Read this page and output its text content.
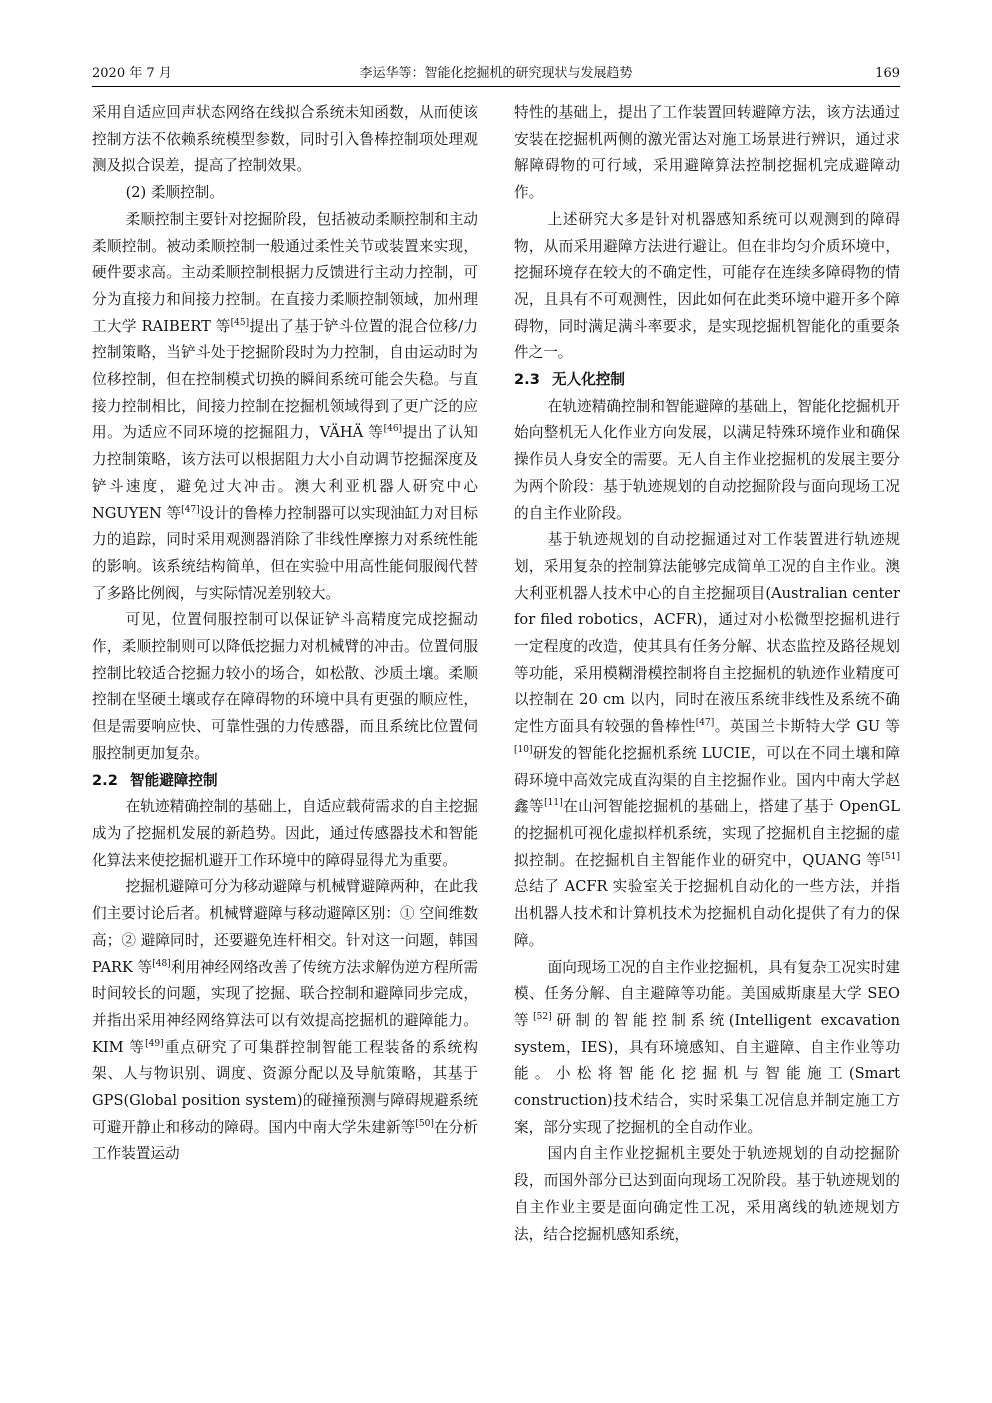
2020 年 7 月	李运华等：智能化挖掘机的研究现状与发展趋势	169

采用自适应回声状态网络在线拟合系统未知函数，从而使该控制方法不依赖系统模型参数，同时引入鲁棒控制项处理观测及拟合误差，提高了控制效果。

(2) 柔顺控制。

柔顺控制主要针对挖掘阶段，包括被动柔顺控制和主动柔顺控制。被动柔顺控制一般通过柔性关节或装置来实现，硬件要求高。主动柔顺控制根据力反馈进行主动力控制，可分为直接力和间接力控制。在直接力柔顺控制领域，加州理工大学 RAIBERT 等[45]提出了基于铲斗位置的混合位移/力控制策略，当铲斗处于挖掘阶段时为力控制，自由运动时为位移控制，但在控制模式切换的瞬间系统可能会失稳。与直接力控制相比，间接力控制在挖掘机领域得到了更广泛的应用。为适应不同环境的挖掘阻力，VÄHÄ 等[46]提出了认知力控制策略，该方法可以根据阻力大小自动调节挖掘深度及铲斗速度，避免过大冲击。澳大利亚机器人研究中心 NGUYEN 等[47]设计的鲁棒力控制器可以实现油缸力对目标力的追踪，同时采用观测器消除了非线性摩擦力对系统性能的影响。该系统结构简单，但在实验中用高性能伺服阀代替了多路比例阀，与实际情况差别较大。

可见，位置伺服控制可以保证铲斗高精度完成挖掘动作，柔顺控制则可以降低挖掘力对机械臂的冲击。位置伺服控制比较适合挖掘力较小的场合，如松散、沙质土壤。柔顺控制在坚硬土壤或存在障碍物的环境中具有更强的顺应性，但是需要响应快、可靠性强的力传感器，而且系统比位置伺服控制更加复杂。

2.2 智能避障控制

在轨迹精确控制的基础上，自适应载荷需求的自主挖掘成为了挖掘机发展的新趋势。因此，通过传感器技术和智能化算法来使挖掘机避开工作环境中的障碍显得尤为重要。

挖掘机避障可分为移动避障与机械臂避障两种，在此我们主要讨论后者。机械臂避障与移动避障区别：① 空间维数高；② 避障同时，还要避免连杆相交。针对这一问题，韩国 PARK 等[48]利用神经网络改善了传统方法求解伪逆方程所需时间较长的问题，实现了挖掘、联合控制和避障同步完成，并指出采用神经网络算法可以有效提高挖掘机的避障能力。KIM 等[49]重点研究了可集群控制智能工程装备的系统构架、人与物识别、调度、资源分配以及导航策略，其基于 GPS(Global position system)的碰撞预测与障碍规避系统可避开静止和移动的障碍。国内中南大学朱建新等[50]在分析工作装置运动

特性的基础上，提出了工作装置回转避障方法，该方法通过安装在挖掘机两侧的激光雷达对施工场景进行辨识，通过求解障碍物的可行域，采用避障算法控制挖掘机完成避障动作。

上述研究大多是针对机器感知系统可以观测到的障碍物，从而采用避障方法进行避让。但在非均匀介质环境中，挖掘环境存在较大的不确定性，可能存在连续多障碍物的情况，且具有不可观测性，因此如何在此类环境中避开多个障碍物，同时满足满斗率要求，是实现挖掘机智能化的重要条件之一。

2.3 无人化控制

在轨迹精确控制和智能避障的基础上，智能化挖掘机开始向整机无人化作业方向发展，以满足特殊环境作业和确保操作员人身安全的需要。无人自主作业挖掘机的发展主要分为两个阶段：基于轨迹规划的自动挖掘阶段与面向现场工况的自主作业阶段。

基于轨迹规划的自动挖掘通过对工作装置进行轨迹规划，采用复杂的控制算法能够完成简单工况的自主作业。澳大利亚机器人技术中心的自主挖掘项目(Australian center for filed robotics，ACFR)，通过对小松微型挖掘机进行一定程度的改造，使其具有任务分解、状态监控及路径规划等功能，采用模糊滑模控制将自主挖掘机的轨迹作业精度可以控制在 20 cm 以内，同时在液压系统非线性及系统不确定性方面具有较强的鲁棒性[47]。英国兰卡斯特大学 GU 等[10]研发的智能化挖掘机系统 LUCIE，可以在不同土壤和障碍环境中高效完成直沟渠的自主挖掘作业。国内中南大学赵鑫等[11]在山河智能挖掘机的基础上，搭建了基于 OpenGL 的挖掘机可视化虚拟样机系统，实现了挖掘机自主挖掘的虚拟控制。在挖掘机自主智能作业的研究中，QUANG 等[51]总结了 ACFR 实验室关于挖掘机自动化的一些方法，并指出机器人技术和计算机技术为挖掘机自动化提供了有力的保障。

面向现场工况的自主作业挖掘机，具有复杂工况实时建模、任务分解、自主避障等功能。美国威斯康星大学 SEO 等[52]研制的智能控制系统(Intelligent excavation system，IES)，具有环境感知、自主避障、自主作业等功能。小松将智能化挖掘机与智能施工(Smart construction)技术结合，实时采集工况信息并制定施工方案，部分实现了挖掘机的全自动作业。

国内自主作业挖掘机主要处于轨迹规划的自动挖掘阶段，而国外部分已达到面向现场工况阶段。基于轨迹规划的自主作业主要是面向确定性工况，采用离线的轨迹规划方法，结合挖掘机感知系统，
